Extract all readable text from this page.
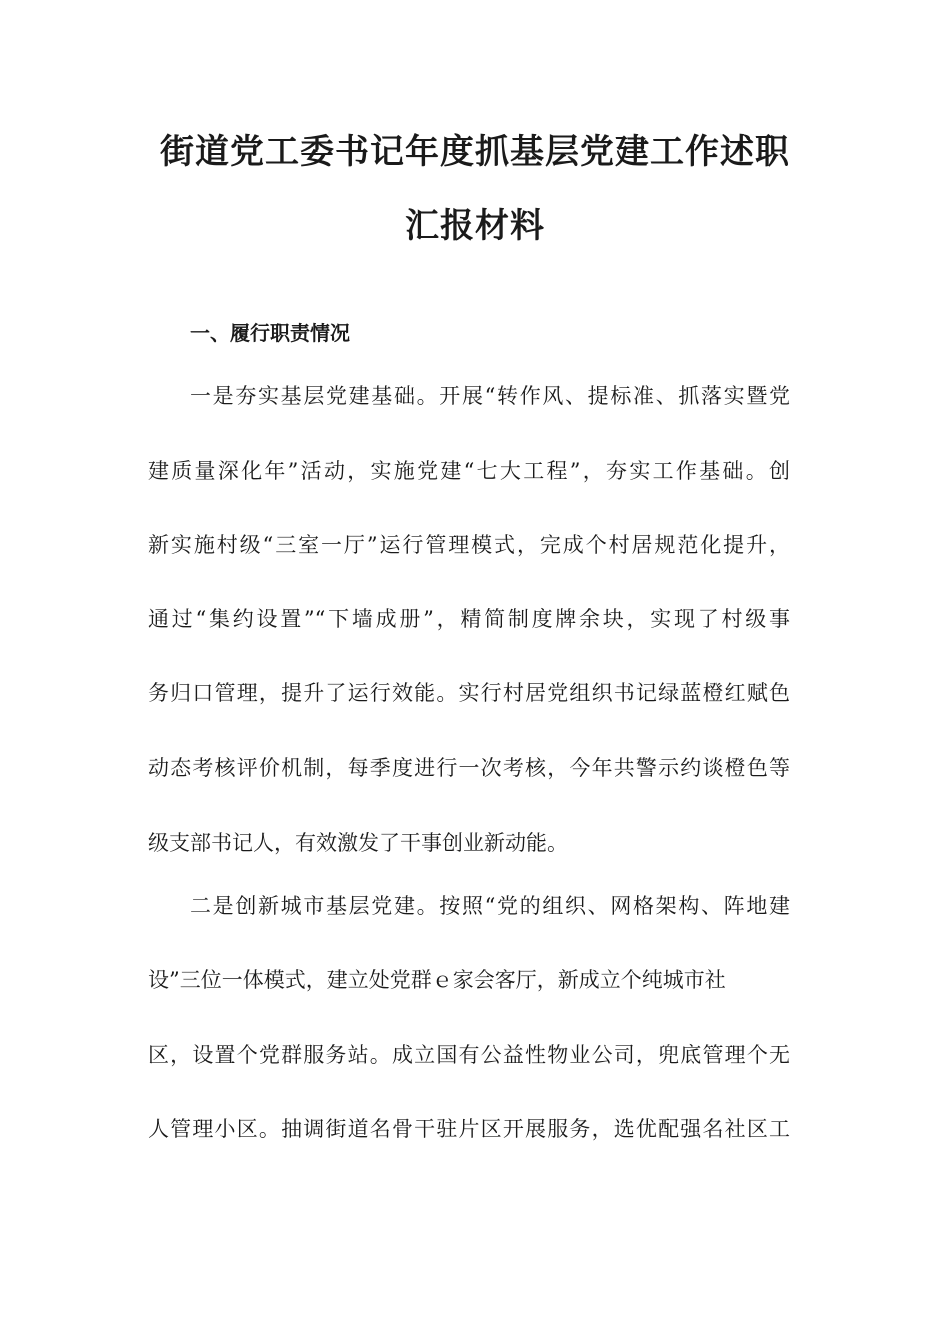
街道党工委书记年度抓基层党建工作述职
汇报材料
一、履行职责情况

一是夯实基层党建基础。开展“转作风、提标准、抓落实暨党

建质量深化年”活动，实施党建“七大工程”，夯实工作基础。创

新实施村级“三室一厅”运行管理模式，完成个村居规范化提升，

通过“集约设置”“下墙成册”，精简制度牌余块，实现了村级事

务归口管理，提升了运行效能。实行村居党组织书记绿蓝橙红赋色

动态考核评价机制，每季度进行一次考核，今年共警示约谈橙色等

级支部书记人，有效激发了干事创业新动能。

二是创新城市基层党建。按照“党的组织、网格架构、阵地建

设”三位一体模式，建立处党群ｅ家会客厅，新成立个纯城市社

区，设置个党群服务站。成立国有公益性物业公司，兜底管理个无

人管理小区。抽调街道名骨干驻片区开展服务，选优配强名社区工
